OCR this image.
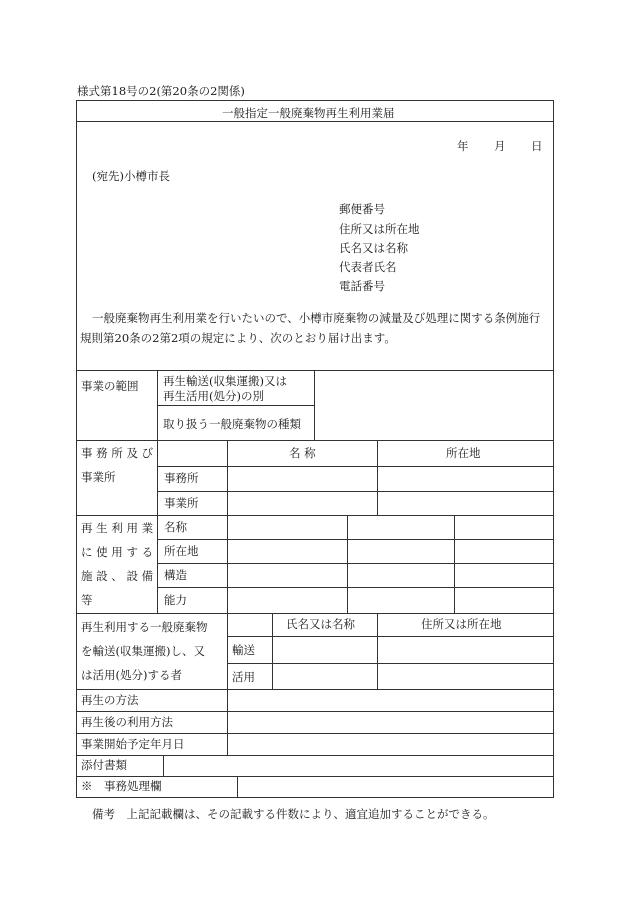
様式第18号の2(第20条の2関係)
一般指定一般廃棄物再生利用業届
年 月 日
(宛先)小樽市長
郵便番号
住所又は所在地
氏名又は名称
代表者氏名
電話番号
一般廃棄物再生利用業を行いたいので、小樽市廃棄物の減量及び処理に関する条例施行
規則第20条の2第2項の規定により、次のとおり届け出ます。
事業の範囲 再生輸送(収集運搬)又は
再生活用(処分)の別
取り扱う一般廃棄物の種類
事 務 所 及 び
事業所
名 称	所在地
事務所
事業所
再 生 利 用 業
に 使 用 す る
施 設 、 設 備
等
名称
所在地
構造
能力
再生利用する一般廃棄物
を輸送(収集運搬)し、又
は活用(処分)する者
氏名又は名称	住所又は所在地
輸送
活用
再生の方法
再生後の利用方法
事業開始予定年月日
添付書類
※　事務処理欄
備考　上記記載欄は、その記載する件数により、適宜追加することができる。
